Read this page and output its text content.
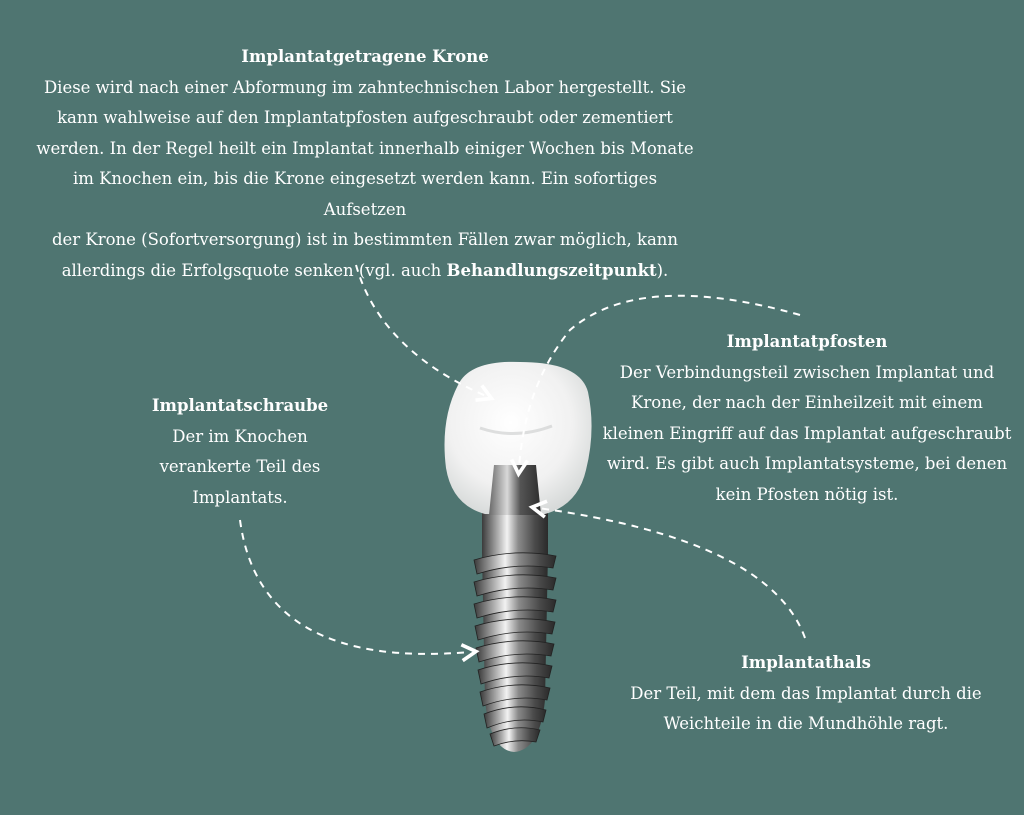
Implantatgetragene Krone
Diese wird nach einer Abformung im zahntechnischen Labor hergestellt. Sie
kann wahlweise auf den Implantatpfosten aufgeschraubt oder zementiert
werden. In der Regel heilt ein Implantat innerhalb einiger Wochen bis Monate
im Knochen ein, bis die Krone eingesetzt werden kann. Ein sofortiges Aufsetzen
der Krone (Sofortversorgung) ist in bestimmten Fällen zwar möglich, kann
allerdings die Erfolgsquote senken (vgl. auch Behandlungszeitpunkt).
Implantatschraube
Der im Knochen
verankerte Teil des
Implantats.
Implantatpfosten
Der Verbindungsteil zwischen Implantat und
Krone, der nach der Einheilzeit mit einem
kleinen Eingriff auf das Implantat aufgeschraubt
wird. Es gibt auch Implantatsysteme, bei denen
kein Pfosten nötig ist.
Implantathals
Der Teil, mit dem das Implantat durch die
Weichteile in die Mundhöhle ragt.
